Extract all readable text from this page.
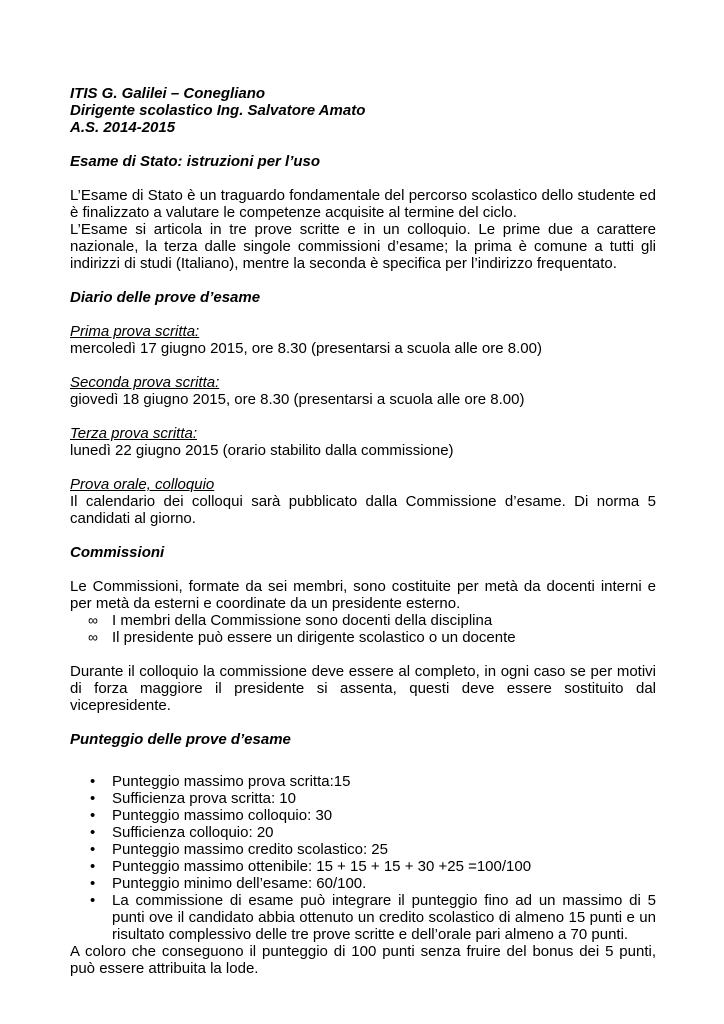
ITIS G. Galilei – Conegliano

Dirigente scolastico Ing. Salvatore Amato

A.S. 2014-2015

Esame di Stato: istruzioni per l’uso

L’Esame di Stato è un traguardo fondamentale del percorso scolastico dello studente ed è finalizzato a valutare le competenze acquisite al termine del ciclo.

L’Esame si articola in tre prove scritte e in un colloquio. Le prime due a carattere nazionale, la terza dalle singole commissioni d’esame; la prima è comune a tutti gli indirizzi di studi (Italiano), mentre la seconda è specifica per l’indirizzo frequentato.

Diario delle prove d’esame

Prima prova scritta:

mercoledì 17 giugno 2015, ore 8.30 (presentarsi a scuola alle ore 8.00)

Seconda prova scritta:

giovedì 18 giugno 2015, ore 8.30 (presentarsi a scuola alle ore 8.00)

Terza prova scritta:

lunedì 22 giugno 2015 (orario stabilito dalla commissione)

Prova orale, colloquio

Il calendario dei colloqui sarà pubblicato dalla Commissione d’esame. Di norma 5 candidati al giorno.

Commissioni

Le Commissioni, formate da sei membri, sono costituite per metà da docenti interni e per metà da esterni e coordinate da un presidente esterno.

∞ I membri della Commissione sono docenti della disciplina
∞ Il presidente può essere un dirigente scolastico o un docente

Durante il colloquio la commissione deve essere al completo, in ogni caso se per motivi di forza maggiore il presidente si assenta, questi deve essere sostituito dal vicepresidente.

Punteggio delle prove d’esame

• Punteggio massimo prova scritta:15
• Sufficienza prova scritta: 10
• Punteggio massimo colloquio: 30
• Sufficienza colloquio: 20
• Punteggio massimo credito scolastico: 25
• Punteggio massimo ottenibile: 15 + 15 + 15 + 30 +25 =100/100
• Punteggio minimo dell’esame: 60/100.
• La commissione di esame può integrare il punteggio fino ad un massimo di 5 punti ove il candidato abbia ottenuto un credito scolastico di almeno 15 punti e un risultato complessivo delle tre prove scritte e dell’orale pari almeno a 70 punti.

A coloro che conseguono il punteggio di 100 punti senza fruire del bonus dei 5 punti, può essere attribuita la lode.
